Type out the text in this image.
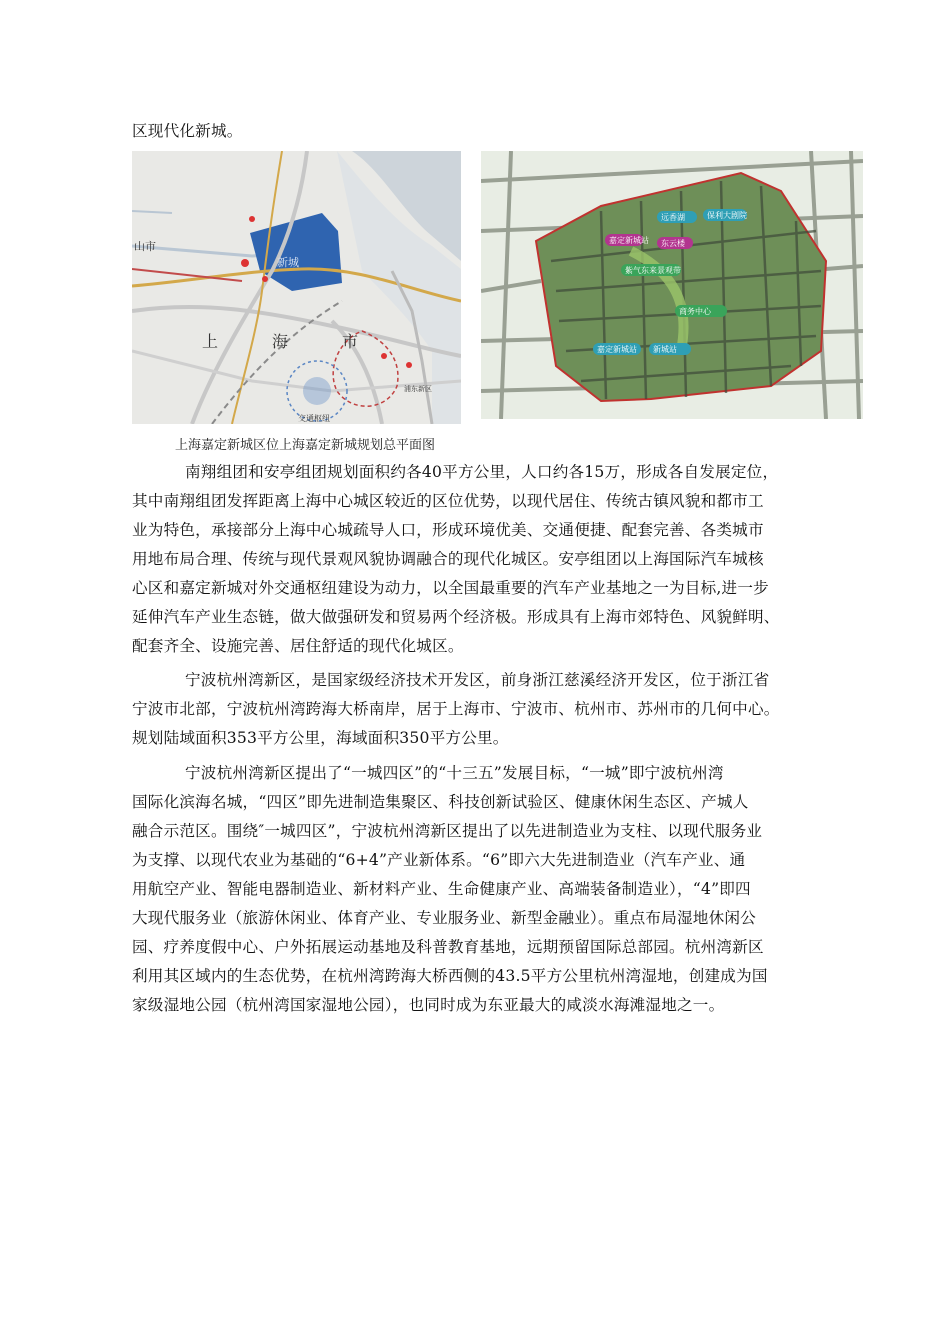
区现代化新城。
山市
上	海	市
新城
交通枢纽
浦东新区
远香湖	保利大剧院
嘉定新城站
紫气东来景观带
商务中心
东云楼
嘉定新城站 新城站
上海嘉定新城区位上海嘉定新城规划总平面图
南翔组团和安亭组团规划面积约各40平方公里，人口约各15万，形成各自发展定位，
其中南翔组团发挥距离上海中心城区较近的区位优势，以现代居住、传统古镇风貌和都市工
业为特色，承接部分上海中心城疏导人口，形成环境优美、交通便捷、配套完善、各类城市
用地布局合理、传统与现代景观风貌协调融合的现代化城区。安亭组团以上海国际汽车城核
心区和嘉定新城对外交通枢纽建设为动力，以全国最重要的汽车产业基地之一为目标,进一步
延伸汽车产业生态链，做大做强研发和贸易两个经济极。形成具有上海市郊特色、风貌鲜明、
配套齐全、设施完善、居住舒适的现代化城区。
宁波杭州湾新区，是国家级经济技术开发区，前身浙江慈溪经济开发区，位于浙江省
宁波市北部，宁波杭州湾跨海大桥南岸，居于上海市、宁波市、杭州市、苏州市的几何中心。
规划陆域面积353平方公里，海域面积350平方公里。
宁波杭州湾新区提出了“一城四区”的“十三五”发展目标，“一城”即宁波杭州湾
国际化滨海名城，“四区”即先进制造集聚区、科技创新试验区、健康休闲生态区、产城人
融合示范区。围绕″一城四区”，宁波杭州湾新区提出了以先进制造业为支柱、以现代服务业
为支撑、以现代农业为基础的“6+4”产业新体系。“6”即六大先进制造业（汽车产业、通
用航空产业、智能电器制造业、新材料产业、生命健康产业、高端装备制造业），“4”即四
大现代服务业（旅游休闲业、体育产业、专业服务业、新型金融业）。重点布局湿地休闲公
园、疗养度假中心、户外拓展运动基地及科普教育基地，远期预留国际总部园。杭州湾新区
利用其区域内的生态优势，在杭州湾跨海大桥西侧的43.5平方公里杭州湾湿地，创建成为国
家级湿地公园（杭州湾国家湿地公园），也同时成为东亚最大的咸淡水海滩湿地之一。
